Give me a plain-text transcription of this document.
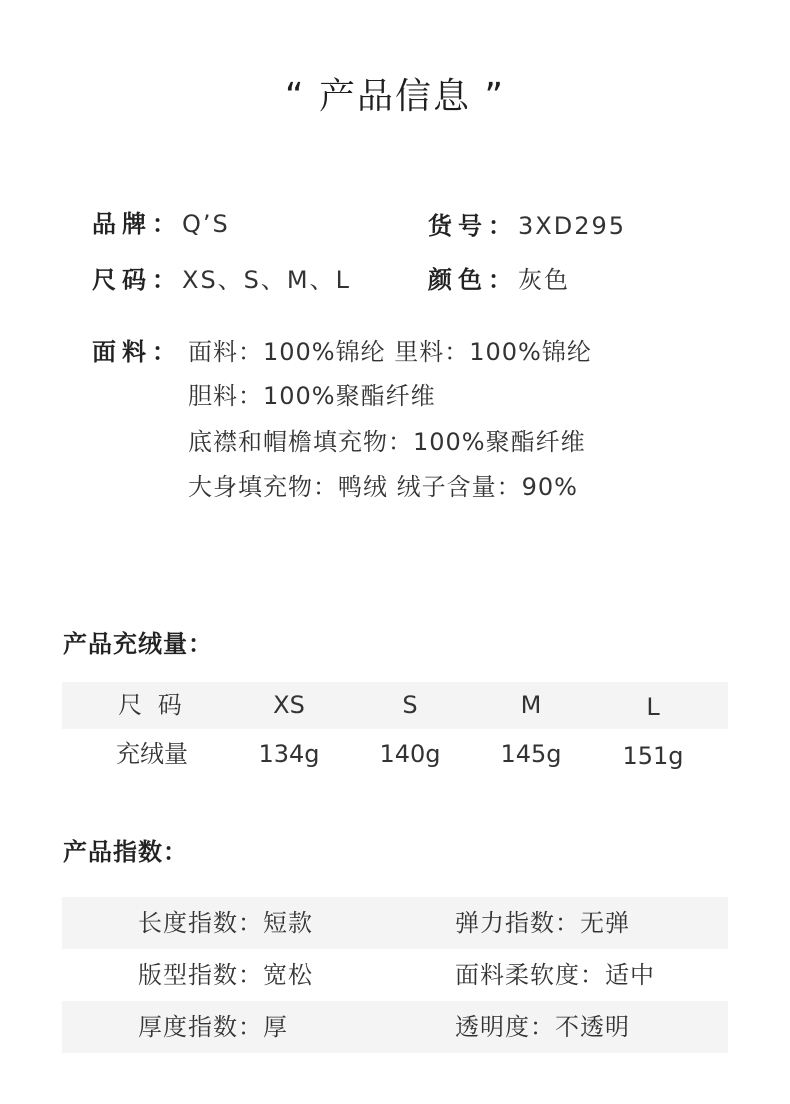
“ 产品信息 ”
品牌：Q’S	货号：3XD295
尺码：XS、S、M、L	颜色：灰色
面料： 面料：100%锦纶 里料：100%锦纶
胆料：100%聚酯纤维
底襟和帽檐填充物：100%聚酯纤维
大身填充物：鸭绒 绒子含量：90%
产品充绒量：
尺 码	XS	S	M	L
充绒量	134g 140g 145g	151g
产品指数：
长度指数：短款	弹力指数：无弹
版型指数：宽松	面料柔软度：适中
厚度指数：厚	透明度：不透明
